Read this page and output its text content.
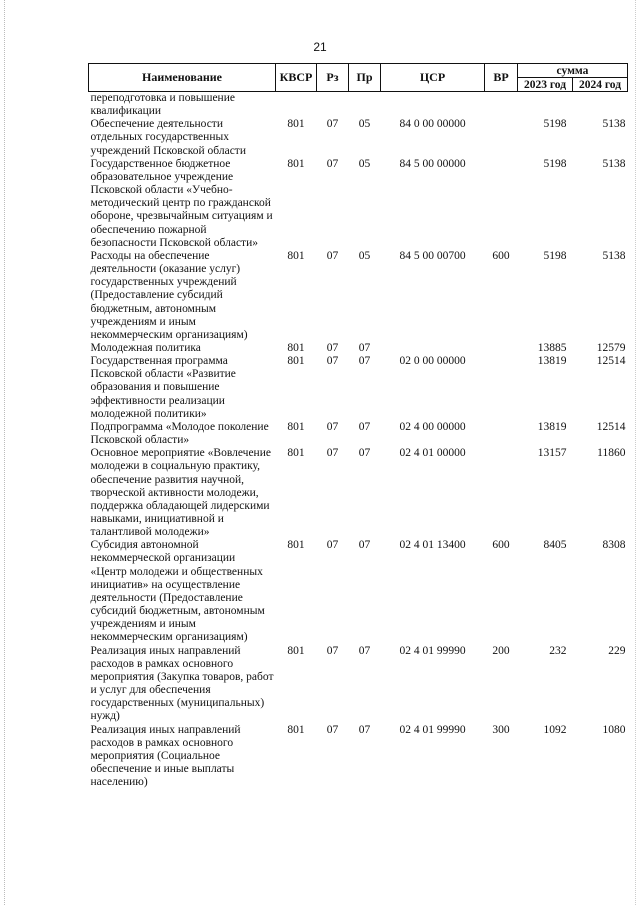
21
Наименование	КВСР	Рз	Пр	ЦСР	ВР	сумма	
						2023 год	2024 год
переподготовка и повышение квалификации							
Обеспечение деятельности отдельных государственных учреждений Псковской области	801	07	05	84 0 00 00000		5198	5138
Государственное бюджетное образовательное учреждение Псковской области «Учебно-методический центр по гражданской обороне, чрезвычайным ситуациям и обеспечению пожарной безопасности Псковской области»	801	07	05	84 5 00 00000		5198	5138
Расходы на обеспечение деятельности (оказание услуг) государственных учреждений (Предоставление субсидий бюджетным, автономным учреждениям и иным некоммерческим организациям)	801	07	05	84 5 00 00700	600	5198	5138
Молодежная политика	801	07	07			13885	12579
Государственная программа Псковской области «Развитие образования и повышение эффективности реализации молодежной политики»	801	07	07	02 0 00 00000		13819	12514
Подпрограмма «Молодое поколение Псковской области»	801	07	07	02 4 00 00000		13819	12514
Основное мероприятие «Вовлечение молодежи в социальную практику, обеспечение развития научной, творческой активности молодежи, поддержка обладающей лидерскими навыками, инициативной и талантливой молодежи»	801	07	07	02 4 01 00000		13157	11860
Субсидия автономной некоммерческой организации «Центр молодежи и общественных инициатив» на осуществление деятельности (Предоставление субсидий бюджетным, автономным учреждениям и иным некоммерческим организациям)	801	07	07	02 4 01 13400	600	8405	8308
Реализация иных направлений расходов в рамках основного мероприятия (Закупка товаров, работ и услуг для обеспечения государственных (муниципальных) нужд)	801	07	07	02 4 01 99990	200	232	229
Реализация иных направлений расходов в рамках основного мероприятия (Социальное обеспечение и иные выплаты населению)	801	07	07	02 4 01 99990	300	1092	1080
